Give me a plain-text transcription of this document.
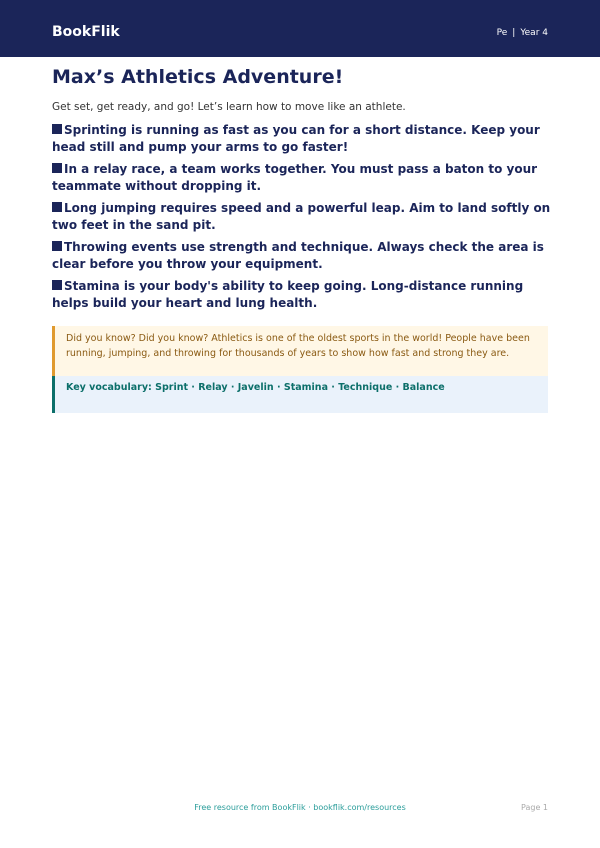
BookFlik	Pe | Year 4
Max’s Athletics Adventure!

Get set, get ready, and go! Let’s learn how to move like an athlete.

Sprinting is running as fast as you can for a short distance. Keep your head still and pump your arms to go faster!

In a relay race, a team works together. You must pass a baton to your teammate without dropping it.

Long jumping requires speed and a powerful leap. Aim to land softly on two feet in the sand pit.

Throwing events use strength and technique. Always check the area is clear before you throw your equipment.

Stamina is your body's ability to keep going. Long-distance running helps build your heart and lung health.

Did you know? Did you know? Athletics is one of the oldest sports in the world! People have been running, jumping, and throwing for thousands of years to show how fast and strong they are.
Key vocabulary: Sprint · Relay · Javelin · Stamina · Technique · Balance
Free resource from BookFlik · bookflik.com/resources	Page 1
